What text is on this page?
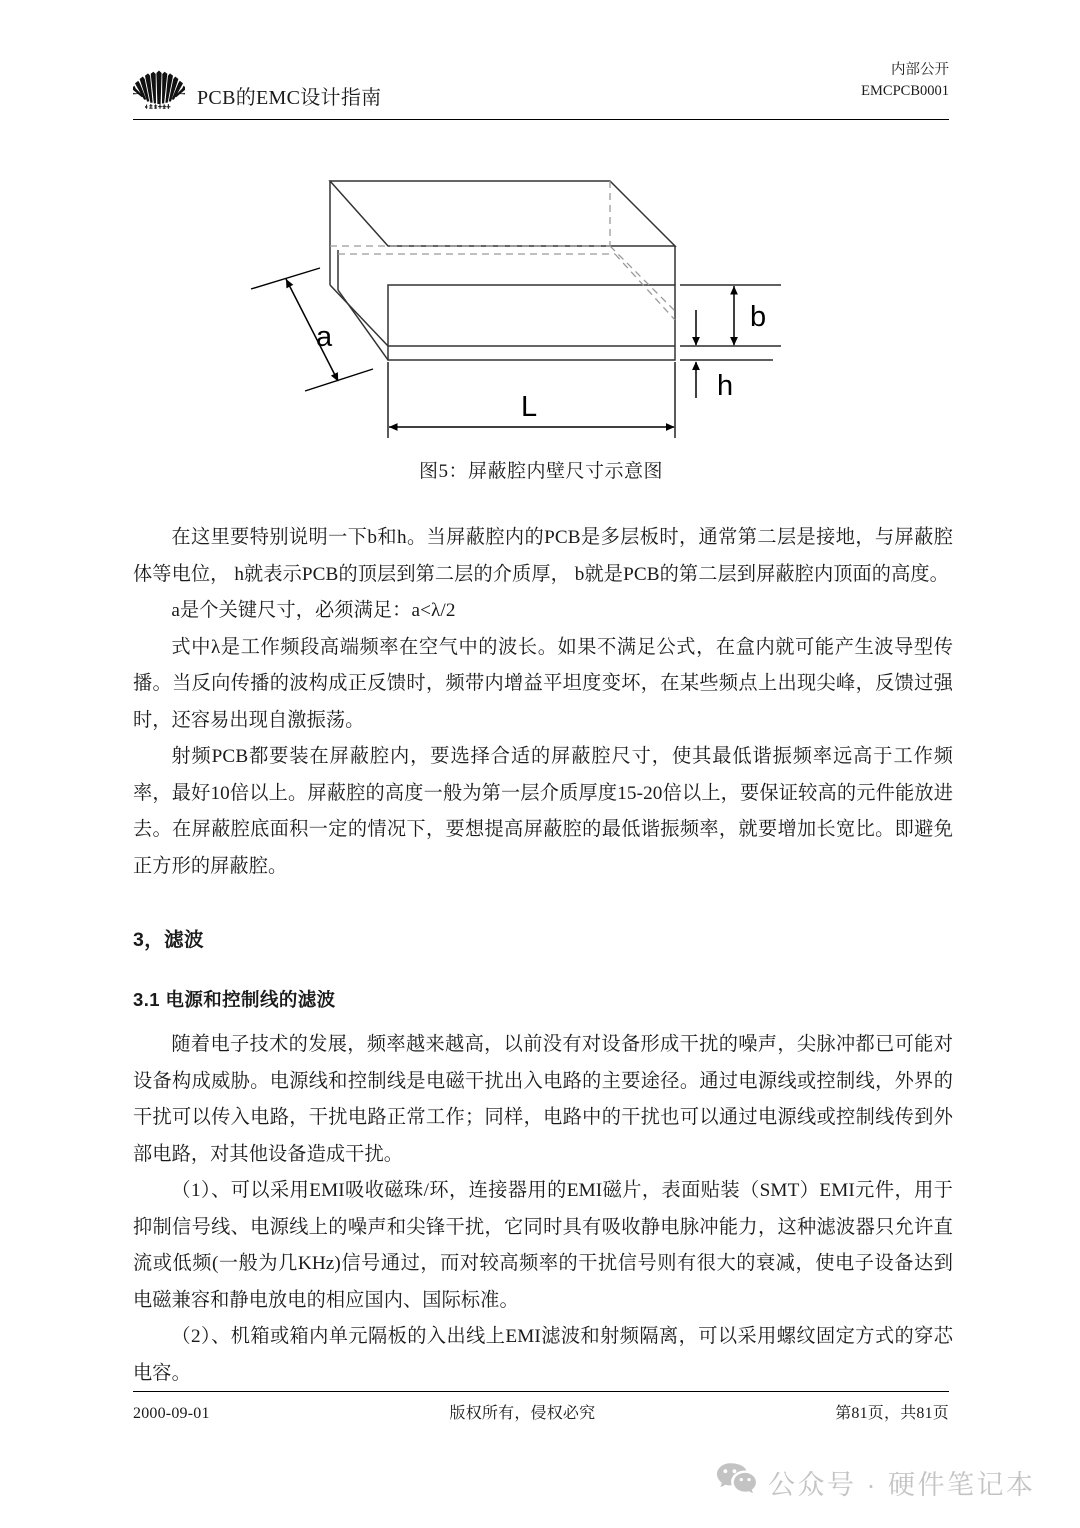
PCB的EMC设计指南
内部公开
EMCPCB0001
a
L
b
h
图5：屏蔽腔内壁尺寸示意图

在这里要特别说明一下b和h。当屏蔽腔内的PCB是多层板时，通常第二层是接地，与屏蔽腔体等电位， h就表示PCB的顶层到第二层的介质厚， b就是PCB的第二层到屏蔽腔内顶面的高度。

a是个关键尺寸，必须满足：a<λ/2

式中λ是工作频段高端频率在空气中的波长。如果不满足公式，在盒内就可能产生波导型传播。当反向传播的波构成正反馈时，频带内增益平坦度变坏，在某些频点上出现尖峰，反馈过强时，还容易出现自激振荡。

射频PCB都要装在屏蔽腔内，要选择合适的屏蔽腔尺寸，使其最低谐振频率远高于工作频率，最好10倍以上。屏蔽腔的高度一般为第一层介质厚度15-20倍以上，要保证较高的元件能放进去。在屏蔽腔底面积一定的情况下，要想提高屏蔽腔的最低谐振频率，就要增加长宽比。即避免正方形的屏蔽腔。

3，滤波
3.1 电源和控制线的滤波

随着电子技术的发展，频率越来越高，以前没有对设备形成干扰的噪声，尖脉冲都已可能对设备构成威胁。电源线和控制线是电磁干扰出入电路的主要途径。通过电源线或控制线，外界的干扰可以传入电路，干扰电路正常工作；同样，电路中的干扰也可以通过电源线或控制线传到外部电路，对其他设备造成干扰。

（1）、可以采用EMI吸收磁珠/环，连接器用的EMI磁片，表面贴装（SMT）EMI元件，用于抑制信号线、电源线上的噪声和尖锋干扰，它同时具有吸收静电脉冲能力，这种滤波器只允许直流或低频(一般为几KHz)信号通过，而对较高频率的干扰信号则有很大的衰减，使电子设备达到电磁兼容和静电放电的相应国内、国际标准。

（2）、机箱或箱内单元隔板的入出线上EMI滤波和射频隔离，可以采用螺纹固定方式的穿芯电容。

2000-09-01	版权所有，侵权必究	第81页，共81页
公众号 · 硬件笔记本
